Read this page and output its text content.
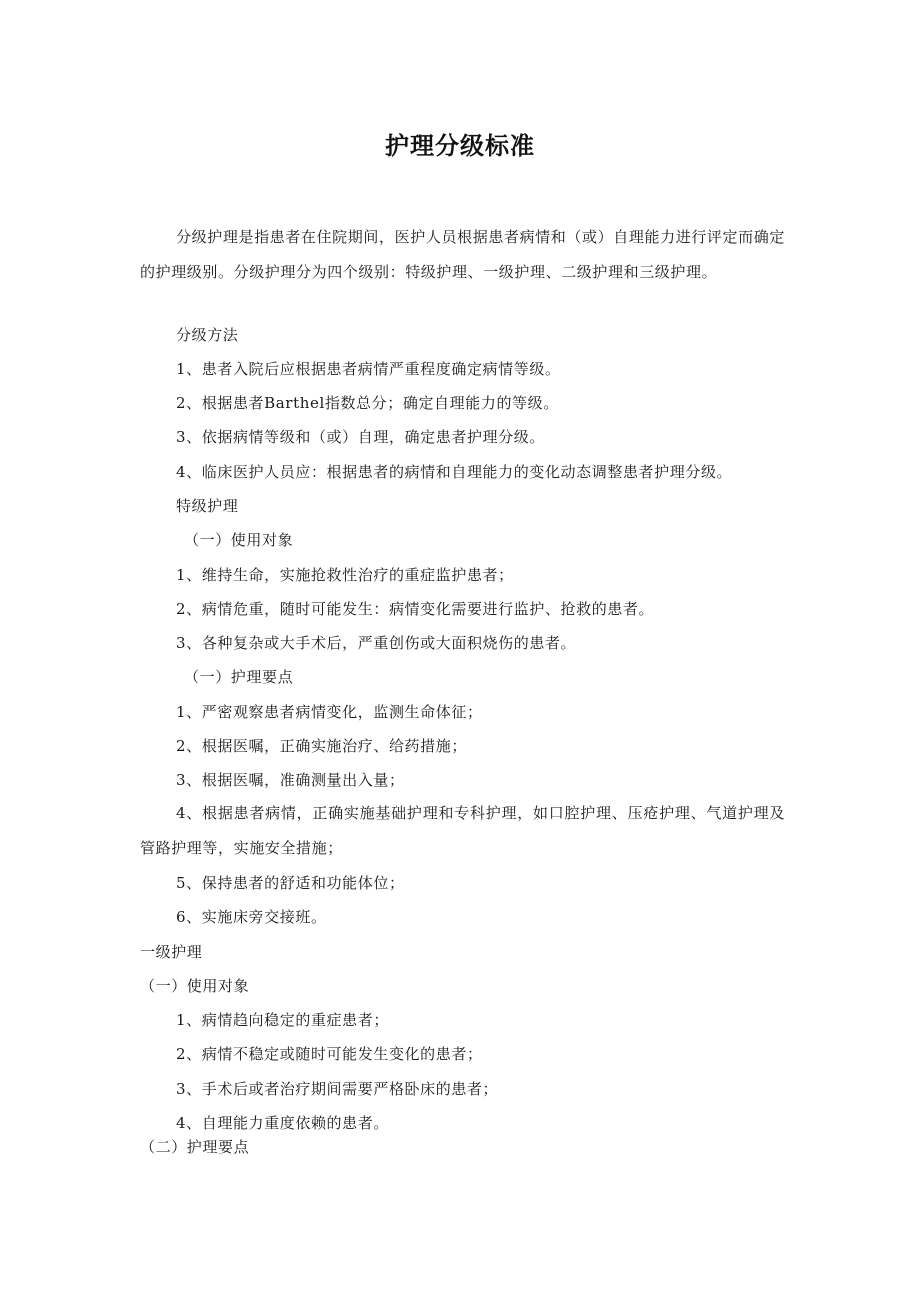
护理分级标准
分级护理是指患者在住院期间，医护人员根据患者病情和（或）自理能力进行评定而确定的护理级别。分级护理分为四个级别：特级护理、一级护理、二级护理和三级护理。
分级方法
1、患者入院后应根据患者病情严重程度确定病情等级。
2、根据患者Barthel指数总分；确定自理能力的等级。
3、依据病情等级和（或）自理，确定患者护理分级。
4、临床医护人员应：根据患者的病情和自理能力的变化动态调整患者护理分级。
特级护理
（一）使用对象
1、维持生命，实施抢救性治疗的重症监护患者；
2、病情危重，随时可能发生：病情变化需要进行监护、抢救的患者。
3、各种复杂或大手术后，严重创伤或大面积烧伤的患者。
（一）护理要点
1、严密观察患者病情变化，监测生命体征；
2、根据医嘱，正确实施治疗、给药措施；
3、根据医嘱，准确测量出入量；
4、根据患者病情，正确实施基础护理和专科护理，如口腔护理、压疮护理、气道护理及管路护理等，实施安全措施；
5、保持患者的舒适和功能体位；
6、实施床旁交接班。
一级护理
（一）使用对象
1、病情趋向稳定的重症患者；
2、病情不稳定或随时可能发生变化的患者；
3、手术后或者治疗期间需要严格卧床的患者；
4、自理能力重度依赖的患者。
（二）护理要点
